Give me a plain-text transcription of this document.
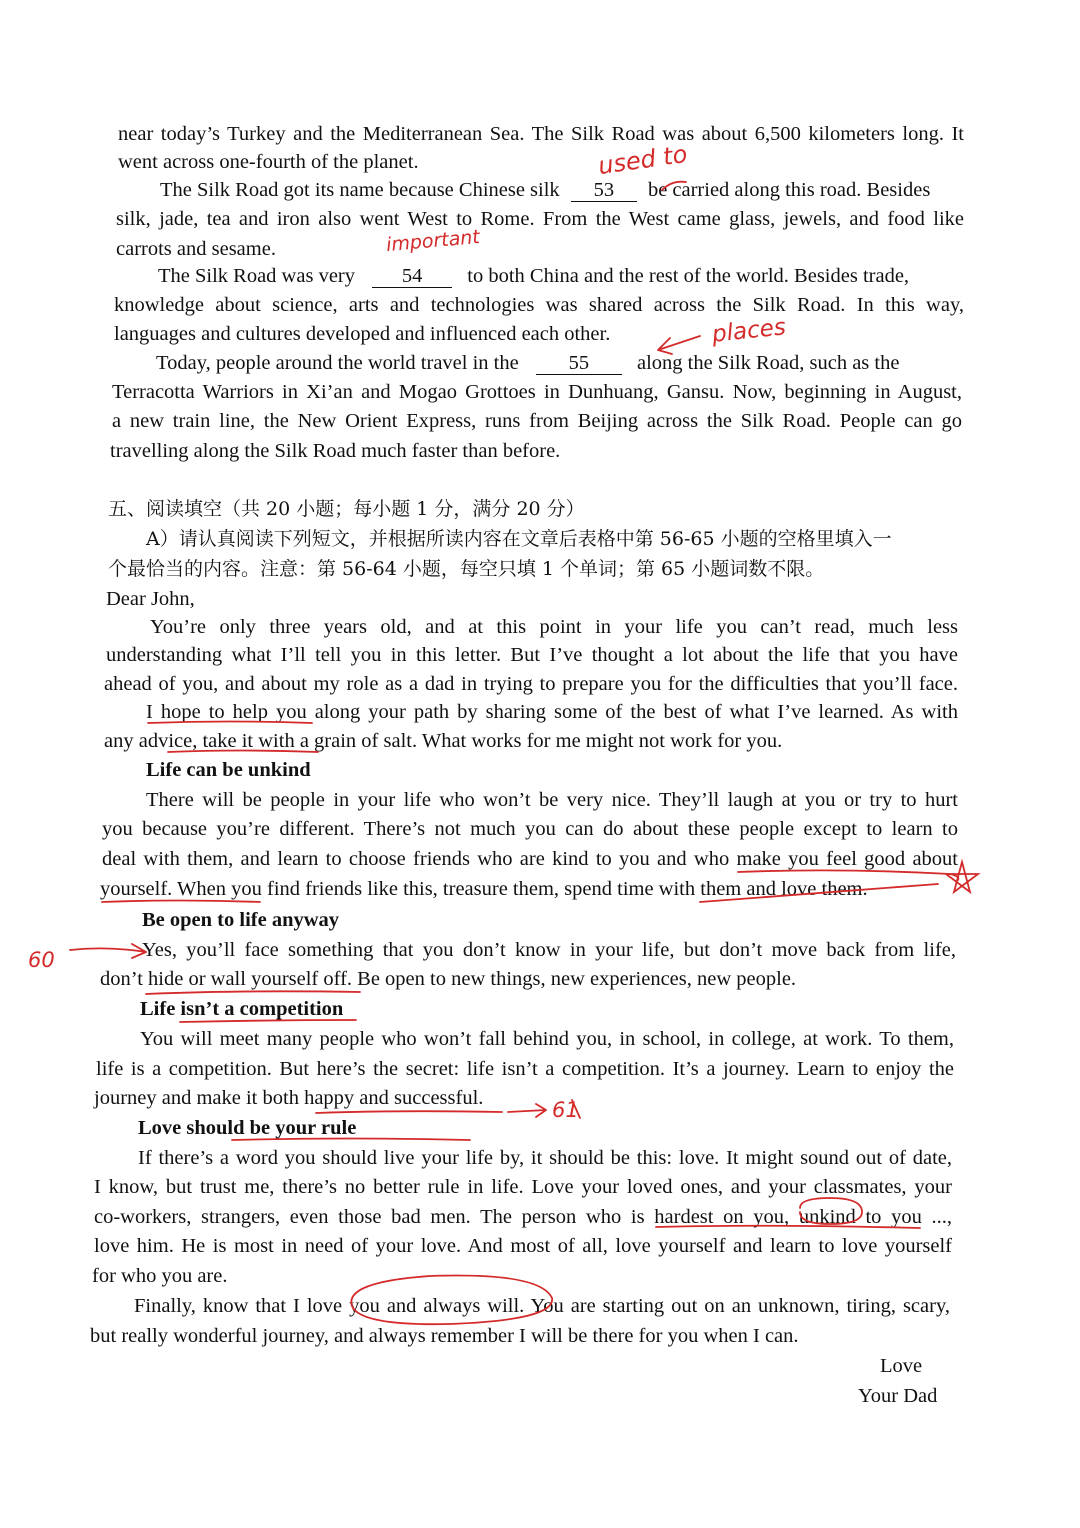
near today’s Turkey and the Mediterranean Sea. The Silk Road was about 6,500 kilometers long. It

went across one-fourth of the planet.

The Silk Road got its name because Chinese silk 53 be carried along this road. Besides

silk, jade, tea and iron also went West to Rome. From the West came glass, jewels, and food like

carrots and sesame.

The Silk Road was very 54 to both China and the rest of the world. Besides trade,

knowledge about science, arts and technologies was shared across the Silk Road. In this way,

languages and cultures developed and influenced each other.

Today, people around the world travel in the 55 along the Silk Road, such as the

Terracotta Warriors in Xi’an and Mogao Grottoes in Dunhuang, Gansu. Now, beginning in August,

a new train line, the New Orient Express, runs from Beijing across the Silk Road. People can go

travelling along the Silk Road much faster than before.

五、阅读填空（共 20 小题；每小题 1 分，满分 20 分）

A）请认真阅读下列短文，并根据所读内容在文章后表格中第 56-65 小题的空格里填入一

个最恰当的内容。注意：第 56-64 小题，每空只填 1 个单词；第 65 小题词数不限。

Dear John,

You’re only three years old, and at this point in your life you can’t read, much less

understanding what I’ll tell you in this letter. But I’ve thought a lot about the life that you have

ahead of you, and about my role as a dad in trying to prepare you for the difficulties that you’ll face.

I hope to help you along your path by sharing some of the best of what I’ve learned. As with

any advice, take it with a grain of salt. What works for me might not work for you.

Life can be unkind

There will be people in your life who won’t be very nice. They’ll laugh at you or try to hurt

you because you’re different. There’s not much you can do about these people except to learn to

deal with them, and learn to choose friends who are kind to you and who make you feel good about

yourself. When you find friends like this, treasure them, spend time with them and love them.

Be open to life anyway

Yes, you’ll face something that you don’t know in your life, but don’t move back from life,

don’t hide or wall yourself off. Be open to new things, new experiences, new people.

Life isn’t a competition

You will meet many people who won’t fall behind you, in school, in college, at work. To them,

life is a competition. But here’s the secret: life isn’t a competition. It’s a journey. Learn to enjoy the

journey and make it both happy and successful.

Love should be your rule

If there’s a word you should live your life by, it should be this: love. It might sound out of date,

I know, but trust me, there’s no better rule in life. Love your loved ones, and your classmates, your

co-workers, strangers, even those bad men. The person who is hardest on you, unkind to you ...,

love him. He is most in need of your love. And most of all, love yourself and learn to love yourself

for who you are.

Finally, know that I love you and always will. You are starting out on an unknown, tiring, scary,

but really wonderful journey, and always remember I will be there for you when I can.

Love

Your Dad

used to
important
places
60
61
